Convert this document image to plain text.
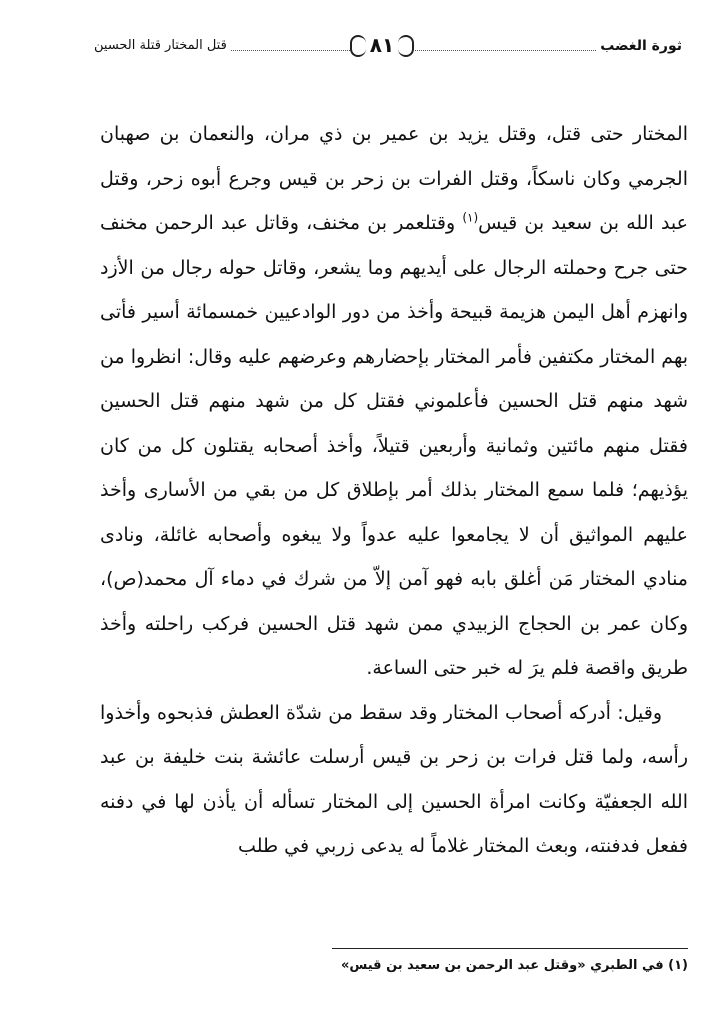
ثورة الغضب
قتل المختار قتلة الحسين	٨١

المختار حتى قتل، وقتل يزيد بن عمير بن ذي مران، والنعمان بن صهبان الجرمي وكان ناسكاً، وقتل الفرات بن زحر بن قيس وجرع أبوه زحر، وقتل عبد الله بن سعيد بن قيس$^{(١)}$ وقتلعمر بن مخنف، وقاتل عبد الرحمن مخنف حتى جرح وحملته الرجال على أيديهم وما يشعر، وقاتل حوله رجال من الأزد وانهزم أهل اليمن هزيمة قبيحة وأخذ من دور الوادعيين خمسمائة أسير فأتى بهم المختار مكتفين فأمر المختار بإحضارهم وعرضهم عليه وقال: انظروا من شهد منهم قتل الحسين فأعلموني فقتل كل من شهد منهم قتل الحسين فقتل منهم مائتين وثمانية وأربعين قتيلاً، وأخذ أصحابه يقتلون كل من كان يؤذيهم؛ فلما سمع المختار بذلك أمر بإطلاق كل من بقي من الأسارى وأخذ عليهم المواثيق أن لا يجامعوا عليه عدواً ولا يبغوه وأصحابه غائلة، ونادى منادي المختار مَن أغلق بابه فهو آمن إلاّ من شرك في دماء آل محمد(ص)، وكان عمر بن الحجاج الزبيدي ممن شهد قتل الحسين فركب راحلته وأخذ طريق واقصة فلم يرَ له خبر حتى الساعة.

وقيل: أدركه أصحاب المختار وقد سقط من شدّة العطش فذبحوه وأخذوا رأسه، ولما قتل فرات بن زحر بن قيس أرسلت عائشة بنت خليفة بن عبد الله الجعفيّة وكانت امرأة الحسين إلى المختار تسأله أن يأذن لها في دفنه ففعل فدفنته، وبعث المختار غلاماً له يدعى زربي في طلب

(١) في الطبري «وقتل عبد الرحمن بن سعيد بن قيس»
